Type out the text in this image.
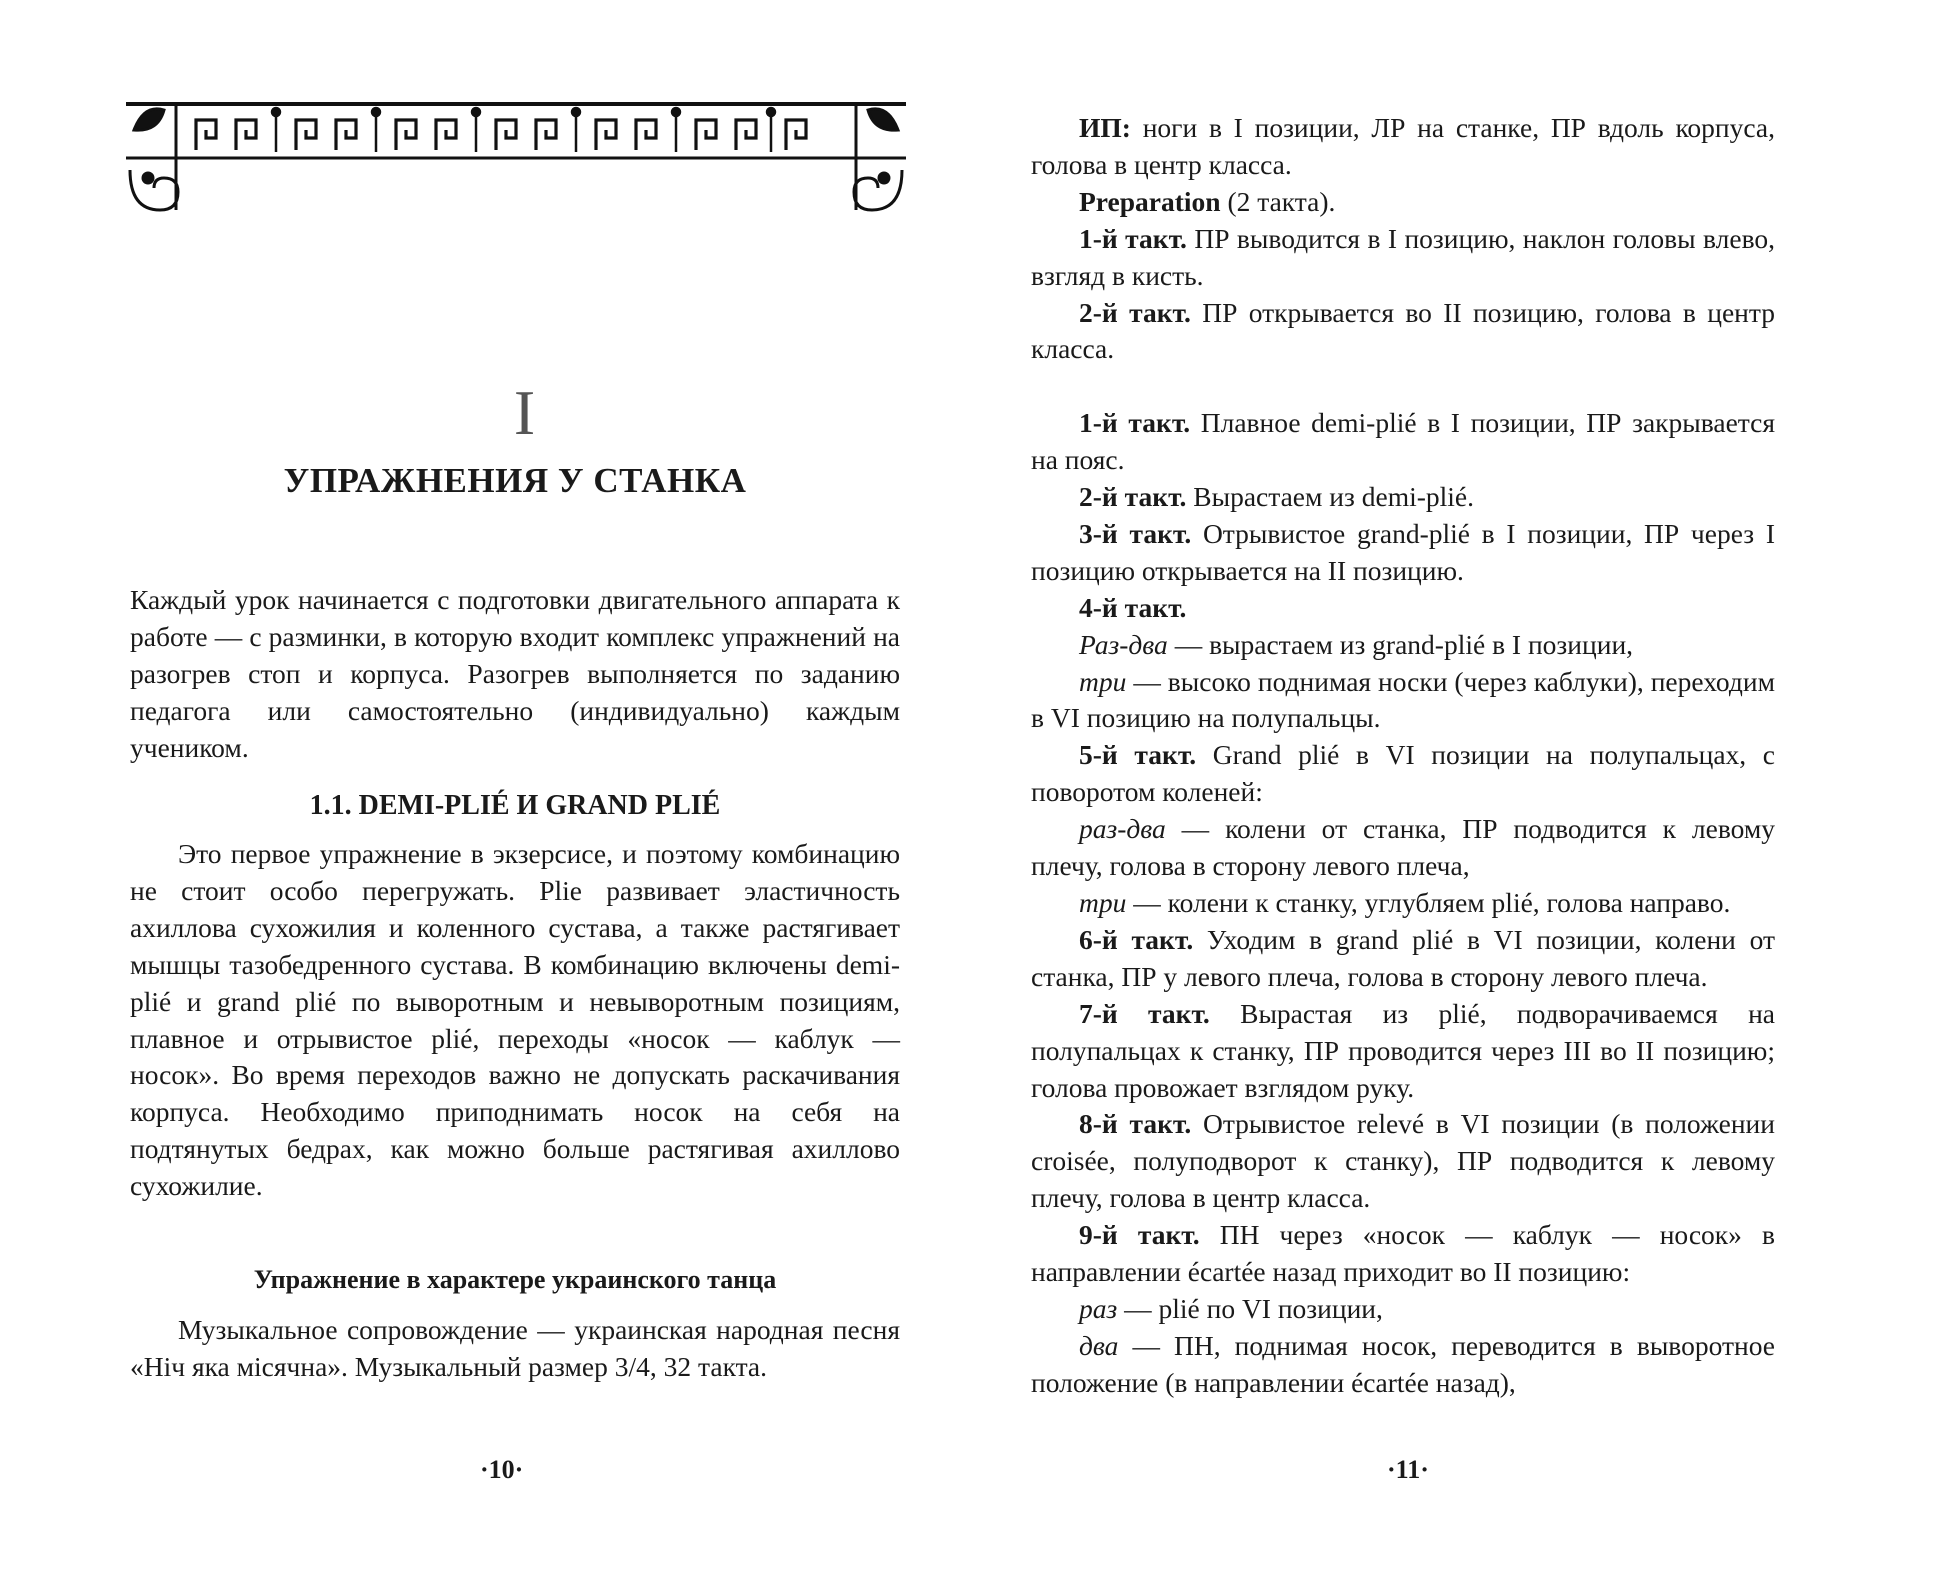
I
УПРАЖНЕНИЯ У СТАНКА
Каждый урок начинается с подготовки двигательного аппарата к работе — с разминки, в которую входит комплекс упражнений на разогрев стоп и корпуса. Разогрев выполняется по заданию педагога или самостоятельно (индивидуально) каждым учеником.
1.1. DEMI-PLIÉ И GRAND PLIÉ
Это первое упражнение в экзерсисе, и поэтому комбинацию не стоит особо перегружать. Plie развивает эластичность ахиллова сухожилия и коленного сустава, а также растягивает мышцы тазобедренного сустава. В комбинацию включены demi-plié и grand plié по выворотным и невыворотным позициям, плавное и отрывистое plié, переходы «носок — каблук — носок». Во время переходов важно не допускать раскачивания корпуса. Необходимо приподнимать носок на себя на подтянутых бедрах, как можно больше растягивая ахиллово сухожилие.
Упражнение в характере украинского танца
Музыкальное сопровождение — украинская народная песня «Ніч яка місячна». Музыкальный размер 3/4, 32 такта.
·10·

ИП: ноги в I позиции, ЛР на станке, ПР вдоль корпуса, голова в центр класса.

Preparation (2 такта).

1-й такт. ПР выводится в I позицию, наклон головы влево, взгляд в кисть.

2-й такт. ПР открывается во II позицию, голова в центр класса.

1-й такт. Плавное demi-plié в I позиции, ПР закрывается на пояс.

2-й такт. Вырастаем из demi-plié.

3-й такт. Отрывистое grand-plié в I позиции, ПР через I позицию открывается на II позицию.

4-й такт.

Раз-два — вырастаем из grand-plié в I позиции,

три — высоко поднимая носки (через каблуки), переходим в VI позицию на полупальцы.

5-й такт. Grand plié в VI позиции на полупальцах, с поворотом коленей:

раз-два — колени от станка, ПР подводится к левому плечу, голова в сторону левого плеча,

три — колени к станку, углубляем plié, голова направо.

6-й такт. Уходим в grand plié в VI позиции, колени от станка, ПР у левого плеча, голова в сторону левого плеча.

7-й такт. Вырастая из plié, подворачиваемся на полупальцах к станку, ПР проводится через III во II позицию; голова провожает взглядом руку.

8-й такт. Отрывистое relevé в VI позиции (в положении croisée, полуподворот к станку), ПР подводится к левому плечу, голова в центр класса.

9-й такт. ПН через «носок — каблук — носок» в направлении écartée назад приходит во II позицию:

раз — plié по VI позиции,

два — ПН, поднимая носок, переводится в выворотное положение (в направлении écartée назад),

·11·
